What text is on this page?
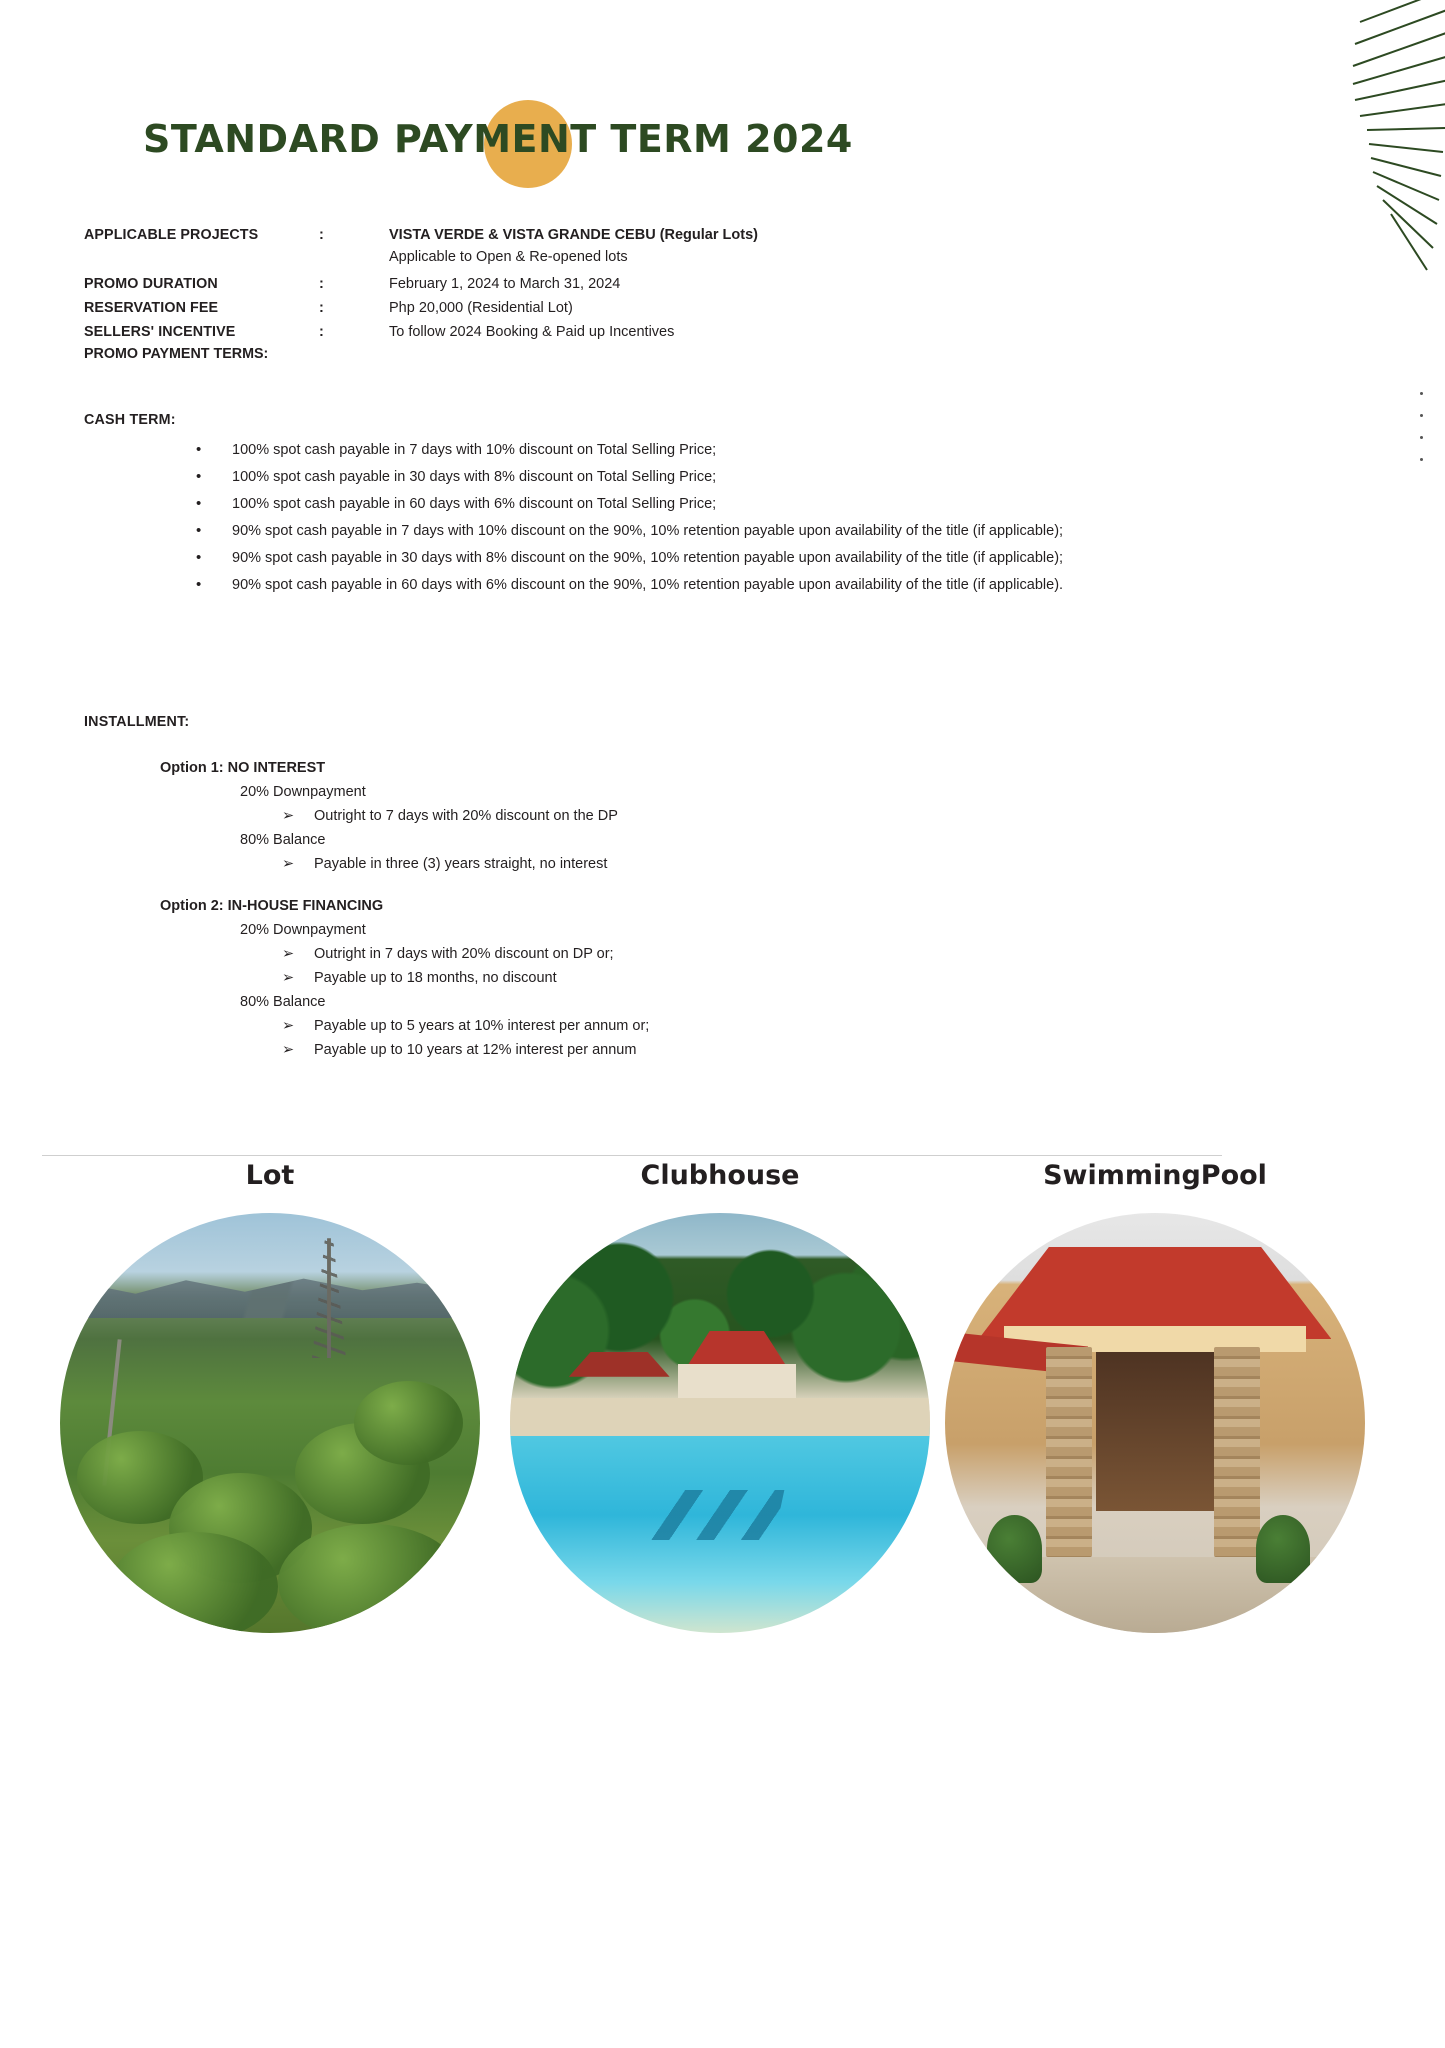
STANDARD PAYMENT TERM 2024
APPLICABLE PROJECTS	:	VISTA VERDE & VISTA GRANDE CEBU (Regular Lots)
Applicable to Open & Re-opened lots
PROMO DURATION	:	February 1, 2024 to March 31, 2024
RESERVATION FEE	:	Php 20,000 (Residential Lot)
SELLERS' INCENTIVE	:	To follow 2024 Booking & Paid up Incentives
PROMO PAYMENT TERMS:
CASH TERM:
•	100% spot cash payable in 7 days with 10% discount on Total Selling Price;
•	100% spot cash payable in 30 days with 8% discount on Total Selling Price;
•	100% spot cash payable in 60 days with 6% discount on Total Selling Price;
•	90% spot cash payable in 7 days with 10% discount on the 90%, 10% retention payable upon availability of the title (if applicable);
•	90% spot cash payable in 30 days with 8% discount on the 90%, 10% retention payable upon availability of the title (if applicable);
•	90% spot cash payable in 60 days with 6% discount on the 90%, 10% retention payable upon availability of the title (if applicable).
INSTALLMENT:
Option 1: NO INTEREST
20% Downpayment
➢	Outright to 7 days with 20% discount on the DP
80% Balance
➢	Payable in three (3) years straight, no interest
Option 2: IN-HOUSE FINANCING
20% Downpayment
➢	Outright in 7 days with 20% discount on DP or;
➢	Payable up to 18 months, no discount
80% Balance
➢	Payable up to 5 years at 10% interest per annum or;
➢	Payable up to 10 years at 12% interest per annum
Lot	Clubhouse	SwimmingPool
